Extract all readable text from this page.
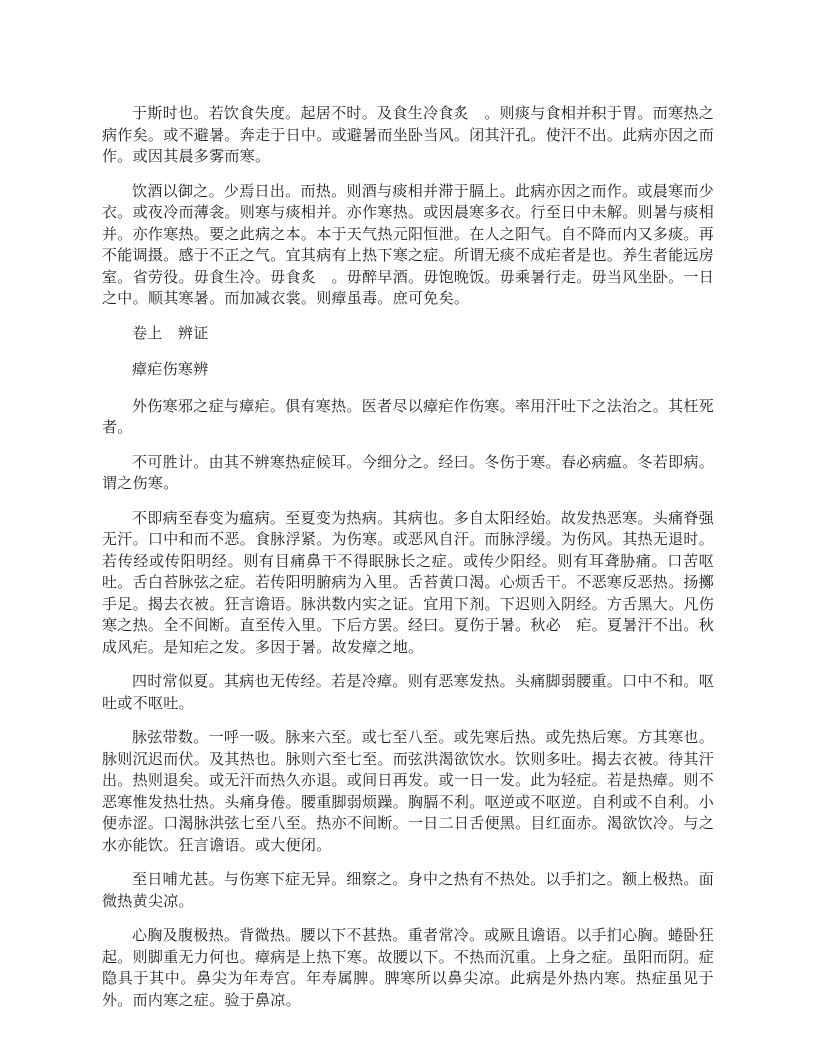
于斯时也。若饮食失度。起居不时。及食生冷食炙　。则痰与食相并积于胃。而寒热之病作矣。或不避暑。奔走于日中。或避暑而坐卧当风。闭其汗孔。使汗不出。此病亦因之而作。或因其晨多雾而寒。

饮酒以御之。少焉日出。而热。则酒与痰相并滞于膈上。此病亦因之而作。或晨寒而少衣。或夜冷而薄衾。则寒与痰相并。亦作寒热。或因晨寒多衣。行至日中未解。则暑与痰相并。亦作寒热。要之此病之本。本于天气热元阳恒泄。在人之阳气。自不降而内又多痰。再不能调摄。感于不正之气。宜其病有上热下寒之症。所谓无痰不成疟者是也。养生者能远房室。省劳役。毋食生冷。毋食炙　。毋醉早酒。毋饱晚饭。毋乘暑行走。毋当风坐卧。一日之中。顺其寒暑。而加减衣裳。则瘴虽毒。庶可免矣。

卷上　辨证
瘴疟伤寒辨

外伤寒邪之症与瘴疟。俱有寒热。医者尽以瘴疟作伤寒。率用汗吐下之法治之。其枉死者。

不可胜计。由其不辨寒热症候耳。今细分之。经曰。冬伤于寒。春必病瘟。冬若即病。谓之伤寒。

不即病至春变为瘟病。至夏变为热病。其病也。多自太阳经始。故发热恶寒。头痛脊强无汗。口中和而不恶。食脉浮紧。为伤寒。或恶风自汗。而脉浮缓。为伤风。其热无退时。若传经或传阳明经。则有目痛鼻干不得眠脉长之症。或传少阳经。则有耳聋胁痛。口苦呕吐。舌白苔脉弦之症。若传阳明腑病为入里。舌苔黄口渴。心烦舌干。不恶寒反恶热。扬擲手足。揭去衣被。狂言谵语。脉洪数内实之证。宜用下剂。下迟则入阴经。方舌黑大。凡伤寒之热。全不间断。直至传入里。下后方罢。经曰。夏伤于暑。秋必　疟。夏暑汗不出。秋成风疟。是知疟之发。多因于暑。故发瘴之地。

四时常似夏。其病也无传经。若是冷瘴。则有恶寒发热。头痛脚弱腰重。口中不和。呕吐或不呕吐。

脉弦带数。一呼一吸。脉来六至。或七至八至。或先寒后热。或先热后寒。方其寒也。脉则沉迟而伏。及其热也。脉则六至七至。而弦洪渴欲饮水。饮则多吐。揭去衣被。待其汗出。热则退矣。或无汗而热久亦退。或间日再发。或一日一发。此为轻症。若是热瘴。则不恶寒惟发热壮热。头痛身倦。腰重脚弱烦躁。胸膈不利。呕逆或不呕逆。自利或不自利。小便赤涩。口渴脉洪弦七至八至。热亦不间断。一日二日舌便黑。目红面赤。渴欲饮冷。与之水亦能饮。狂言谵语。或大便闭。

至日哺尤甚。与伤寒下症无异。细察之。身中之热有不热处。以手扪之。额上极热。面微热黄尖凉。

心胸及腹极热。背微热。腰以下不甚热。重者常冷。或厥且谵语。以手扪心胸。蜷卧狂起。则脚重无力何也。瘴病是上热下寒。故腰以下。不热而沉重。上身之症。虽阳而阴。症隐具于其中。鼻尖为年寿宫。年寿属脾。脾寒所以鼻尖凉。此病是外热内寒。热症虽见于外。而内寒之症。验于鼻凉。
